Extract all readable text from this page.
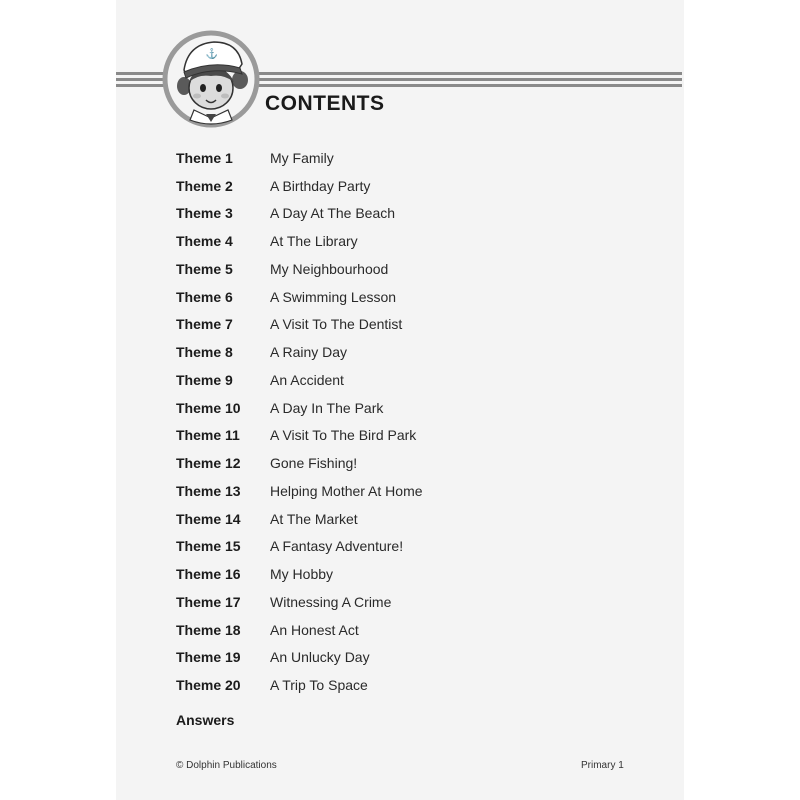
⚓
CONTENTS
Theme 1	My Family
Theme 2	A Birthday Party
Theme 3	A Day At The Beach
Theme 4	At The Library
Theme 5	My Neighbourhood
Theme 6	A Swimming Lesson
Theme 7	A Visit To The Dentist
Theme 8	A Rainy Day
Theme 9	An Accident
Theme 10	A Day In The Park
Theme 11	A Visit To The Bird Park
Theme 12	Gone Fishing!
Theme 13	Helping Mother At Home
Theme 14	At The Market
Theme 15	A Fantasy Adventure!
Theme 16	My Hobby
Theme 17	Witnessing A Crime
Theme 18	An Honest Act
Theme 19	An Unlucky Day
Theme 20	A Trip To Space
Answers
© Dolphin Publications	Primary 1
